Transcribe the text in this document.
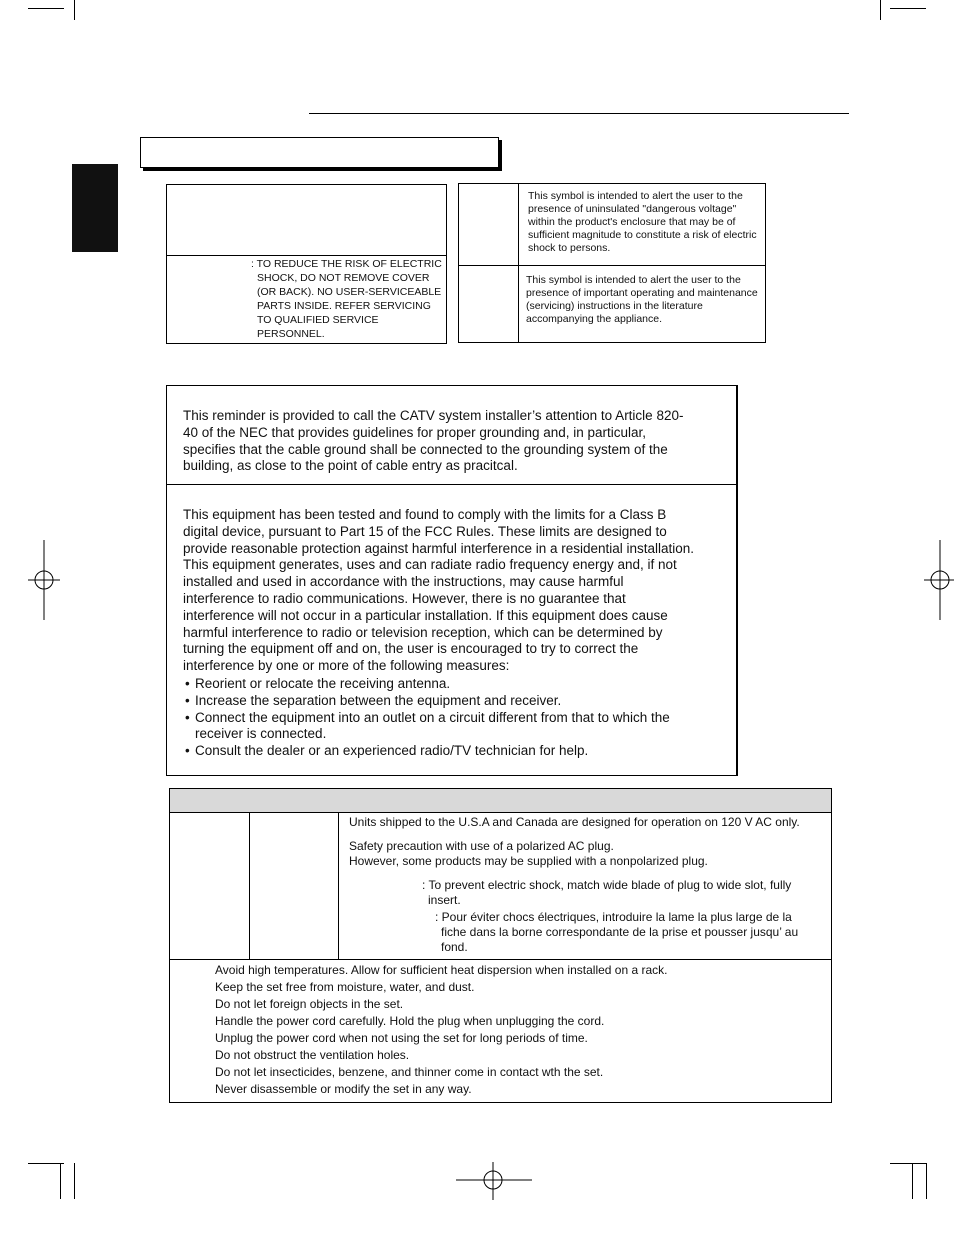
: TO REDUCE THE RISK OF ELECTRIC SHOCK, DO NOT REMOVE COVER (OR BACK). NO USER-SERVICEABLE PARTS INSIDE. REFER SERVICING TO QUALIFIED SERVICE PERSONNEL.
This symbol is intended to alert the user to the presence of uninsulated "dangerous voltage" within the product's enclosure that may be of sufficient magnitude to constitute a risk of electric shock to persons.
This symbol is intended to alert the user to the presence of important operating and maintenance (servicing) instructions in the literature accompanying the appliance.
This reminder is provided to call the CATV system installer’s attention to Article 820-40 of the NEC that provides guidelines for proper grounding and, in particular, specifies that the cable ground shall be connected to the grounding system of the building, as close to the point of cable entry as pracitcal.
This equipment has been tested and found to comply with the limits for a Class B digital device, pursuant to Part 15 of the FCC Rules. These limits are designed to provide reasonable protection against harmful interference in a residential installation. This equipment generates, uses and can radiate radio frequency energy and, if not installed and used in accordance with the instructions, may cause harmful interference to radio communications. However, there is no guarantee that interference will not occur in a particular installation. If this equipment does cause harmful interference to radio or television reception, which can be determined by turning the equipment off and on, the user is encouraged to try to correct the interference by one or more of the following measures:
• Reorient or relocate the receiving antenna.
• Increase the separation between the equipment and receiver.
• Connect the equipment into an outlet on a circuit different from that to which the receiver is connected.
• Consult the dealer or an experienced radio/TV technician for help.
Units shipped to the U.S.A and Canada are designed for operation on 120 V AC only.
Safety precaution with use of a polarized AC plug.
However, some products may be supplied with a nonpolarized plug.
: To prevent electric shock, match wide blade of plug to wide slot, fully insert.
: Pour éviter chocs électriques, introduire la lame la plus large de la fiche dans la borne correspondante de la prise et pousser jusqu’ au fond.
Avoid high temperatures. Allow for sufficient heat dispersion when installed on a rack.
Keep the set free from moisture, water, and dust.
Do not let foreign objects in the set.
Handle the power cord carefully. Hold the plug when unplugging the cord.
Unplug the power cord when not using the set for long periods of time.
Do not obstruct the ventilation holes.
Do not let insecticides, benzene, and thinner come in contact wth the set.
Never disassemble or modify the set in any way.
